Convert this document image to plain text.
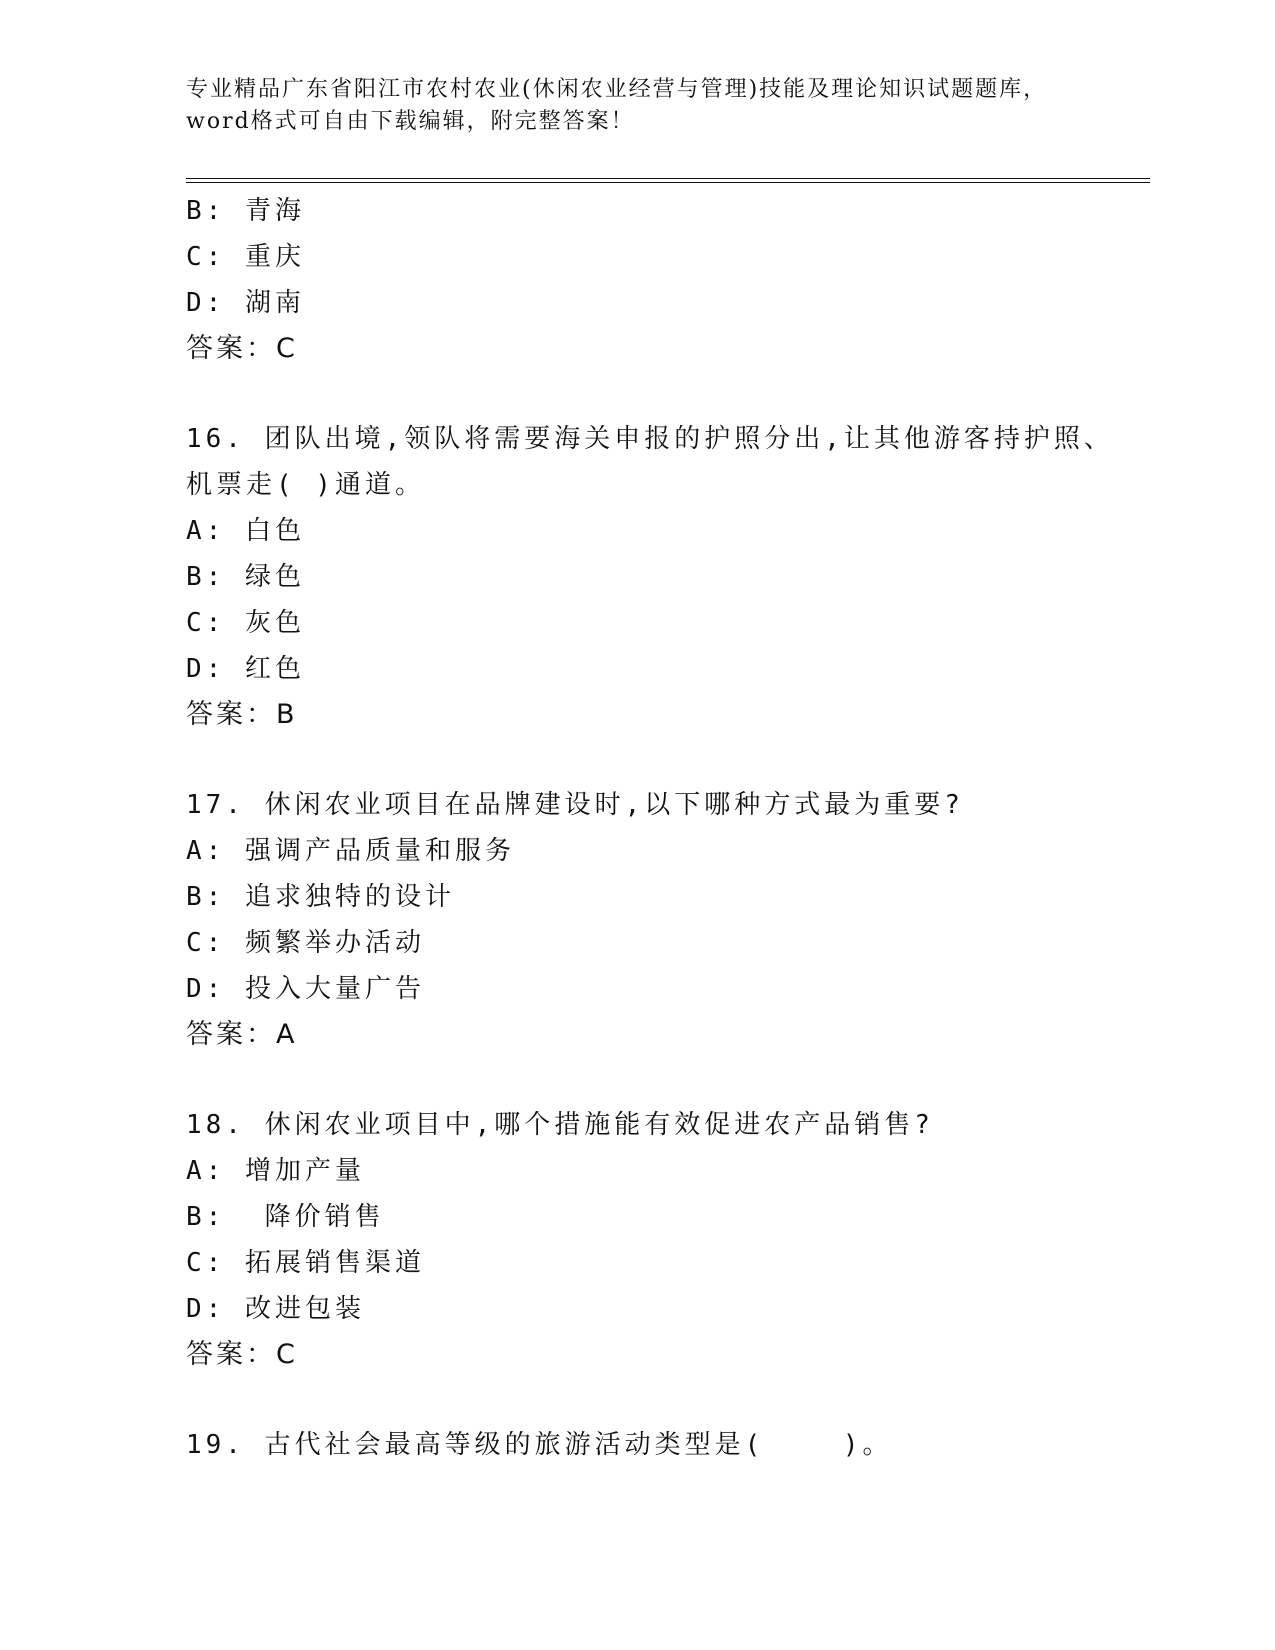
专业精品广东省阳江市农村农业(休闲农业经营与管理)技能及理论知识试题题库，
word格式可自由下载编辑，附完整答案！
B: 青海
C: 重庆
D: 湖南
答案：C
16. 团队出境,领队将需要海关申报的护照分出,让其他游客持护照、
机票走( )通道。
A: 白色
B: 绿色
C: 灰色
D: 红色
答案：B
17. 休闲农业项目在品牌建设时,以下哪种方式最为重要?
A: 强调产品质量和服务
B: 追求独特的设计
C: 频繁举办活动
D: 投入大量广告
答案：A
18. 休闲农业项目中,哪个措施能有效促进农产品销售?
A: 增加产量
B:  降价销售
C: 拓展销售渠道
D: 改进包装
答案：C
19. 古代社会最高等级的旅游活动类型是(    )。
